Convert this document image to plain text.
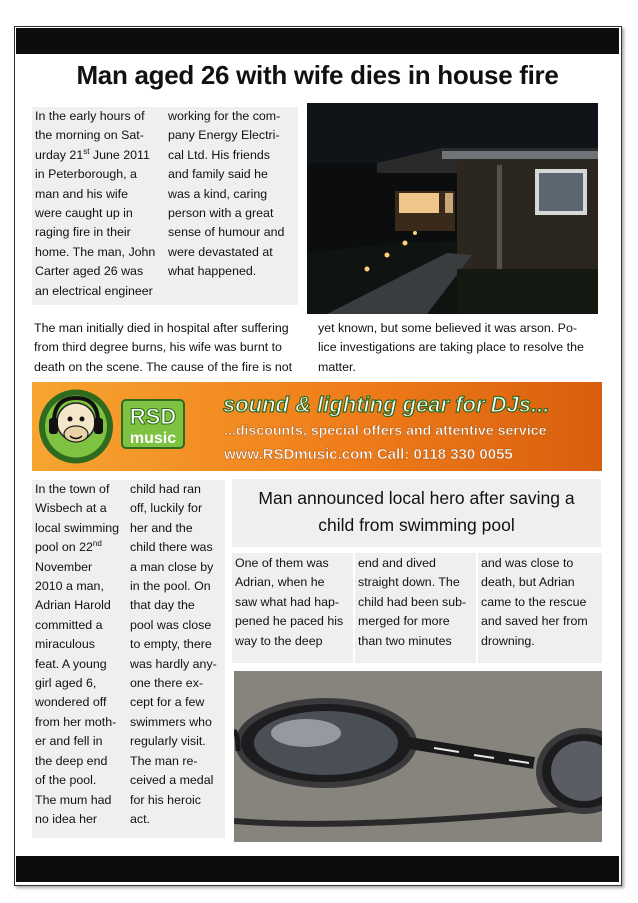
Man aged 26 with wife dies in house fire

In the early hours of

the morning on Sat-

urday 21st June 2011

in Peterborough, a

man and his wife

were caught up in

raging fire in their

home. The man, John

Carter aged 26 was

an electrical engineer

working for the com-

pany Energy Electri-

cal Ltd. His friends

and family said he

was a kind, caring

person with a great

sense of humour and

were devastated at

what happened.

The man initially died in hospital after suffering

from third degree burns, his wife was burnt to

death on the scene. The cause of the fire is not

yet known, but some believed it was arson. Po-

lice investigations are taking place to resolve the

matter.

RSD
music
sound & lighting gear for DJs...
...discounts, special offers and attentive service
www.RSDmusic.com Call: 0118 330 0055

In the town of

Wisbech at a

local swimming

pool on 22nd

November

2010 a man,

Adrian Harold

committed a

miraculous

feat. A young

girl aged 6,

wondered off

from her moth-

er and fell in

the deep end

of the pool.

The mum had

no idea her

child had ran

off, luckily for

her and the

child there was

a man close by

in the pool. On

that day the

pool was close

to empty, there

was hardly any-

one there ex-

cept for a few

swimmers who

regularly visit.

The man re-

ceived a medal

for his heroic

act.

Man announced local hero after saving a
child from swimming pool

One of them was

Adrian, when he

saw what had hap-

pened he paced his

way to the deep

end and dived

straight down. The

child had been sub-

merged for more

than two minutes

and was close to

death, but Adrian

came to the rescue

and saved her from

drowning.
